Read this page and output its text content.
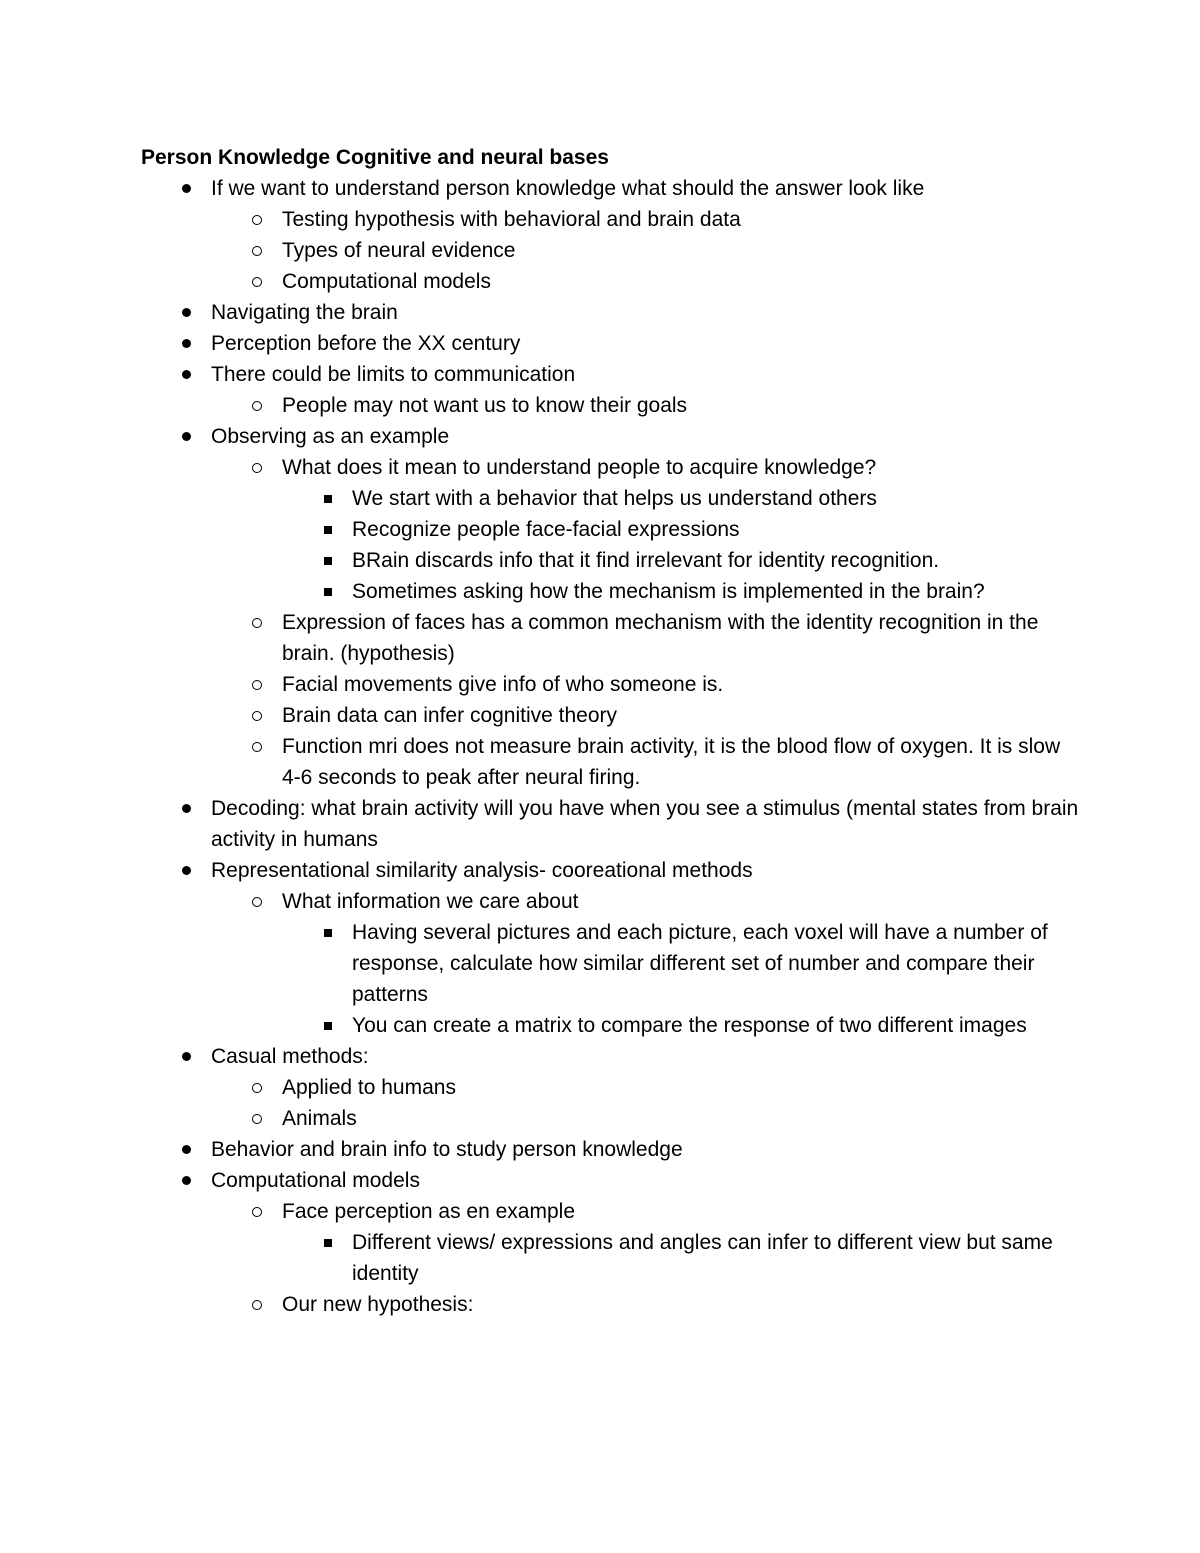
Person Knowledge Cognitive and neural bases
If we want to understand person knowledge what should the answer look like
Testing hypothesis with behavioral and brain data
Types of neural evidence
Computational models
Navigating the brain
Perception before the XX century
There could be limits to communication
People may not want us to know their goals
Observing as an example
What does it mean to understand people to acquire knowledge?
We start with a behavior that helps us understand others
Recognize people face-facial expressions
BRain discards info that it find irrelevant for identity recognition.
Sometimes asking how the mechanism is implemented in the brain?
Expression of faces has a common mechanism with the identity recognition in the brain. (hypothesis)
Facial movements give info of who someone is.
Brain data can infer cognitive theory
Function mri does not measure brain activity, it is the blood flow of oxygen. It is slow 4-6 seconds to peak after neural firing.
Decoding: what brain activity will you have when you see a stimulus (mental states from brain activity in humans
Representational similarity analysis- cooreational methods
What information we care about
Having several pictures and each picture, each voxel will have a number of response, calculate how similar different set of number and compare their patterns
You can create a matrix to compare the response of two different images
Casual methods:
Applied to humans
Animals
Behavior and brain info to study person knowledge
Computational models
Face perception as en example
Different views/ expressions and angles can infer to different view but same identity
Our new hypothesis:
